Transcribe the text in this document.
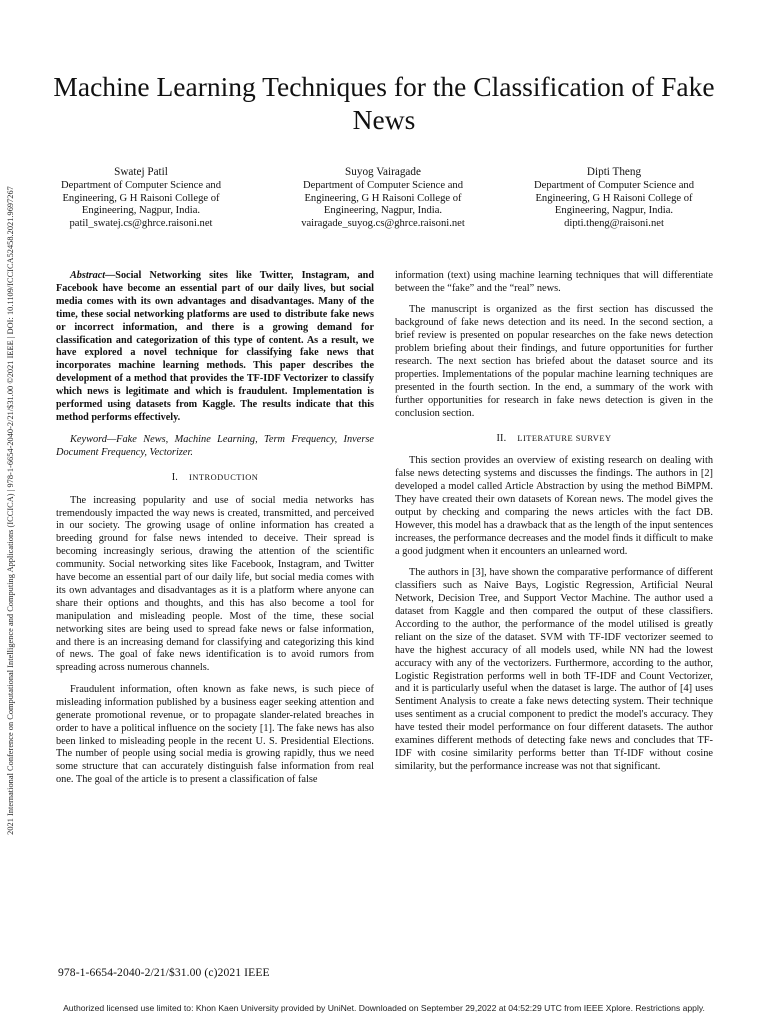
2021 International Conference on Computational Intelligence and Computing Applications (ICCICA) | 978-1-6654-2040-2/21/$31.00 ©2021 IEEE | DOI: 10.1109/ICCICA52458.2021.9697267
Machine Learning Techniques for the Classification of Fake News
Swatej Patil
Department of Computer Science and
Engineering, G H Raisoni College of
Engineering, Nagpur, India.
patil_swatej.cs@ghrce.raisoni.net
Suyog Vairagade
Department of Computer Science and
Engineering, G H Raisoni College of
Engineering, Nagpur, India.
vairagade_suyog.cs@ghrce.raisoni.net
Dipti Theng
Department of Computer Science and
Engineering, G H Raisoni College of
Engineering, Nagpur, India.
dipti.theng@raisoni.net

Abstract—Social Networking sites like Twitter, Instagram, and Facebook have become an essential part of our daily lives, but social media comes with its own advantages and disadvantages. Many of the time, these social networking platforms are used to distribute fake news or incorrect information, and there is a growing demand for classification and categorization of this type of content. As a result, we have explored a novel technique for classifying fake news that incorporates machine learning methods. This paper describes the development of a method that provides the TF-IDF Vectorizer to classify which news is legitimate and which is fraudulent. Implementation is performed using datasets from Kaggle. The results indicate that this method performs effectively.

Keyword—Fake News, Machine Learning, Term Frequency, Inverse Document Frequency, Vectorizer.

I. INTRODUCTION

The increasing popularity and use of social media networks has tremendously impacted the way news is created, transmitted, and perceived in our society. The growing usage of online information has created a breeding ground for false news intended to deceive. Their spread is becoming increasingly serious, drawing the attention of the scientific community. Social networking sites like Facebook, Instagram, and Twitter have become an essential part of our daily life, but social media comes with its own advantages and disadvantages as it is a platform where anyone can share their options and thoughts, and this has also become a tool for manipulation and misleading people. Most of the time, these social networking sites are being used to spread fake news or false information, and there is an increasing demand for classifying and categorizing this kind of news. The goal of fake news identification is to avoid rumors from spreading across numerous channels.

Fraudulent information, often known as fake news, is such piece of misleading information published by a business eager seeking attention and generate promotional revenue, or to propagate slander-related breaches in order to have a political influence on the society [1]. The fake news has also been linked to misleading people in the recent U. S. Presidential Elections. The number of people using social media is growing rapidly, thus we need some structure that can accurately distinguish false information from real one. The goal of the article is to present a classification of false

information (text) using machine learning techniques that will differentiate between the “fake” and the “real” news.

The manuscript is organized as the first section has discussed the background of fake news detection and its need. In the second section, a brief review is presented on popular researches on the fake news detection problem briefing about their findings, and future opportunities for further research. The next section has briefed about the dataset source and its properties. Implementations of the popular machine learning techniques are presented in the fourth section. In the end, a summary of the work with further opportunities for research in fake news detection is given in the conclusion section.

II. LITERATURE SURVEY

This section provides an overview of existing research on dealing with false news detecting systems and discusses the findings. The authors in [2] developed a model called Article Abstraction by using the method BiMPM. They have created their own datasets of Korean news. The model gives the output by checking and comparing the news articles with the fact DB. However, this model has a drawback that as the length of the input sentences increases, the performance decreases and the model finds it difficult to make a good judgment when it encounters an unlearned word.

The authors in [3], have shown the comparative performance of different classifiers such as Naive Bays, Logistic Regression, Artificial Neural Network, Decision Tree, and Support Vector Machine. The author used a dataset from Kaggle and then compared the output of these classifiers. According to the author, the performance of the model utilised is greatly reliant on the size of the dataset. SVM with TF-IDF vectorizer seemed to have the highest accuracy of all models used, while NN had the lowest accuracy with any of the vectorizers. Furthermore, according to the author, Logistic Registration performs well in both TF-IDF and Count Vectorizer, and it is particularly useful when the dataset is large. The author of [4] uses Sentiment Analysis to create a fake news detecting system. Their technique uses sentiment as a crucial component to predict the model's accuracy. They have tested their model performance on four different datasets. The author examines different methods of detecting fake news and concludes that TF-IDF with cosine similarity performs better than Tf-IDF without cosine similarity, but the performance increase was not that significant.

978-1-6654-2040-2/21/$31.00 (c)2021 IEEE
Authorized licensed use limited to: Khon Kaen University provided by UniNet. Downloaded on September 29,2022 at 04:52:29 UTC from IEEE Xplore. Restrictions apply.
